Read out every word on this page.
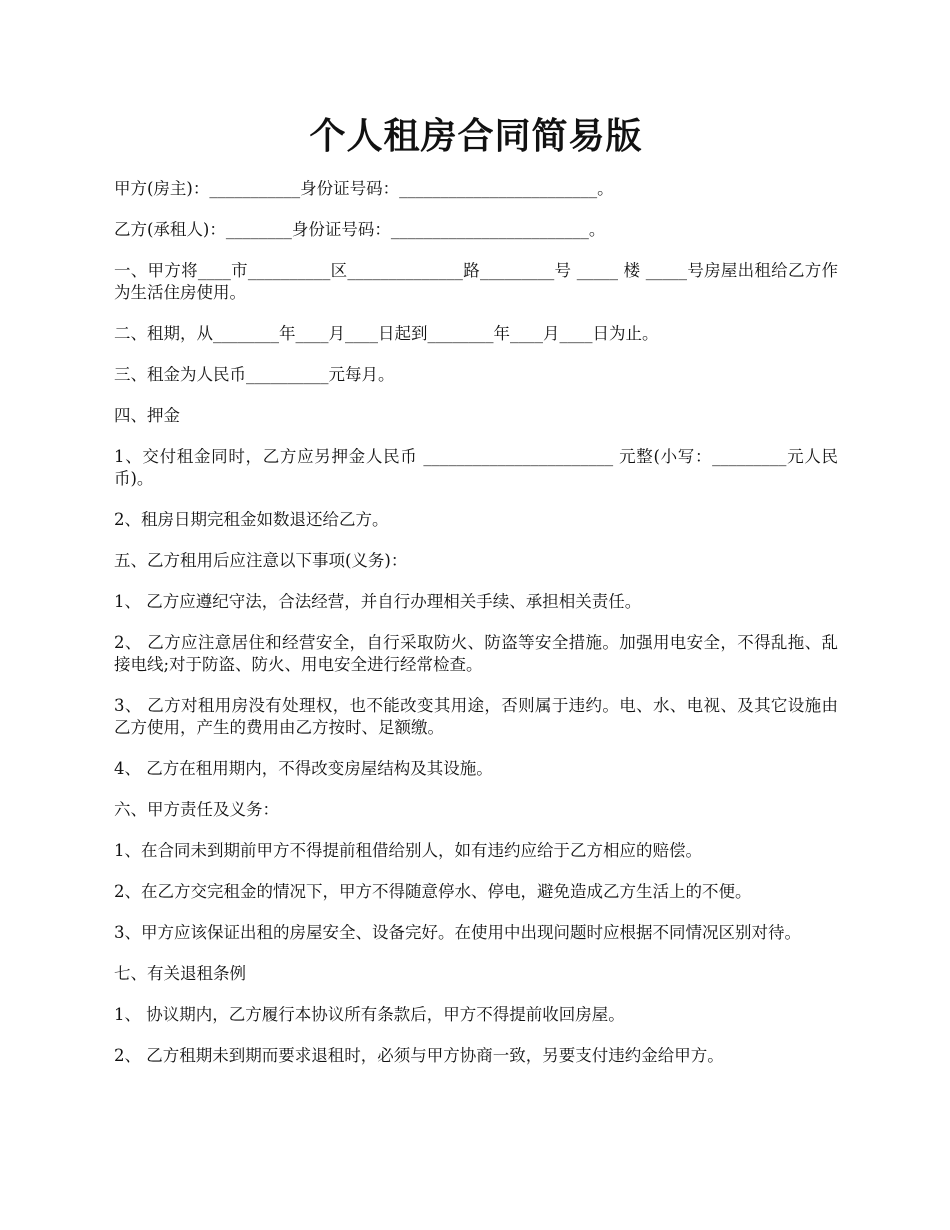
个人租房合同简易版

甲方(房主)：___________身份证号码：________________________。

乙方(承租人)：________身份证号码：________________________。

一、甲方将____市__________区______________路_________号 _____ 楼 _____号房屋出租给乙方作为生活住房使用。

二、租期，从________年____月____日起到________年____月____日为止。

三、租金为人民币__________元每月。

四、押金

1、交付租金同时，乙方应另押金人民币 _______________________ 元整(小写：_________元人民币)。

2、租房日期完租金如数退还给乙方。

五、乙方租用后应注意以下事项(义务)：

1、 乙方应遵纪守法，合法经营，并自行办理相关手续、承担相关责任。

2、 乙方应注意居住和经营安全，自行采取防火、防盗等安全措施。加强用电安全，不得乱拖、乱接电线;对于防盗、防火、用电安全进行经常检查。

3、 乙方对租用房没有处理权，也不能改变其用途，否则属于违约。电、水、电视、及其它设施由乙方使用，产生的费用由乙方按时、足额缴。

4、 乙方在租用期内，不得改变房屋结构及其设施。

六、甲方责任及义务：

1、在合同未到期前甲方不得提前租借给别人，如有违约应给于乙方相应的赔偿。

2、在乙方交完租金的情况下，甲方不得随意停水、停电，避免造成乙方生活上的不便。

3、甲方应该保证出租的房屋安全、设备完好。在使用中出现问题时应根据不同情况区别对待。

七、有关退租条例

1、 协议期内，乙方履行本协议所有条款后，甲方不得提前收回房屋。

2、 乙方租期未到期而要求退租时，必须与甲方协商一致，另要支付违约金给甲方。
